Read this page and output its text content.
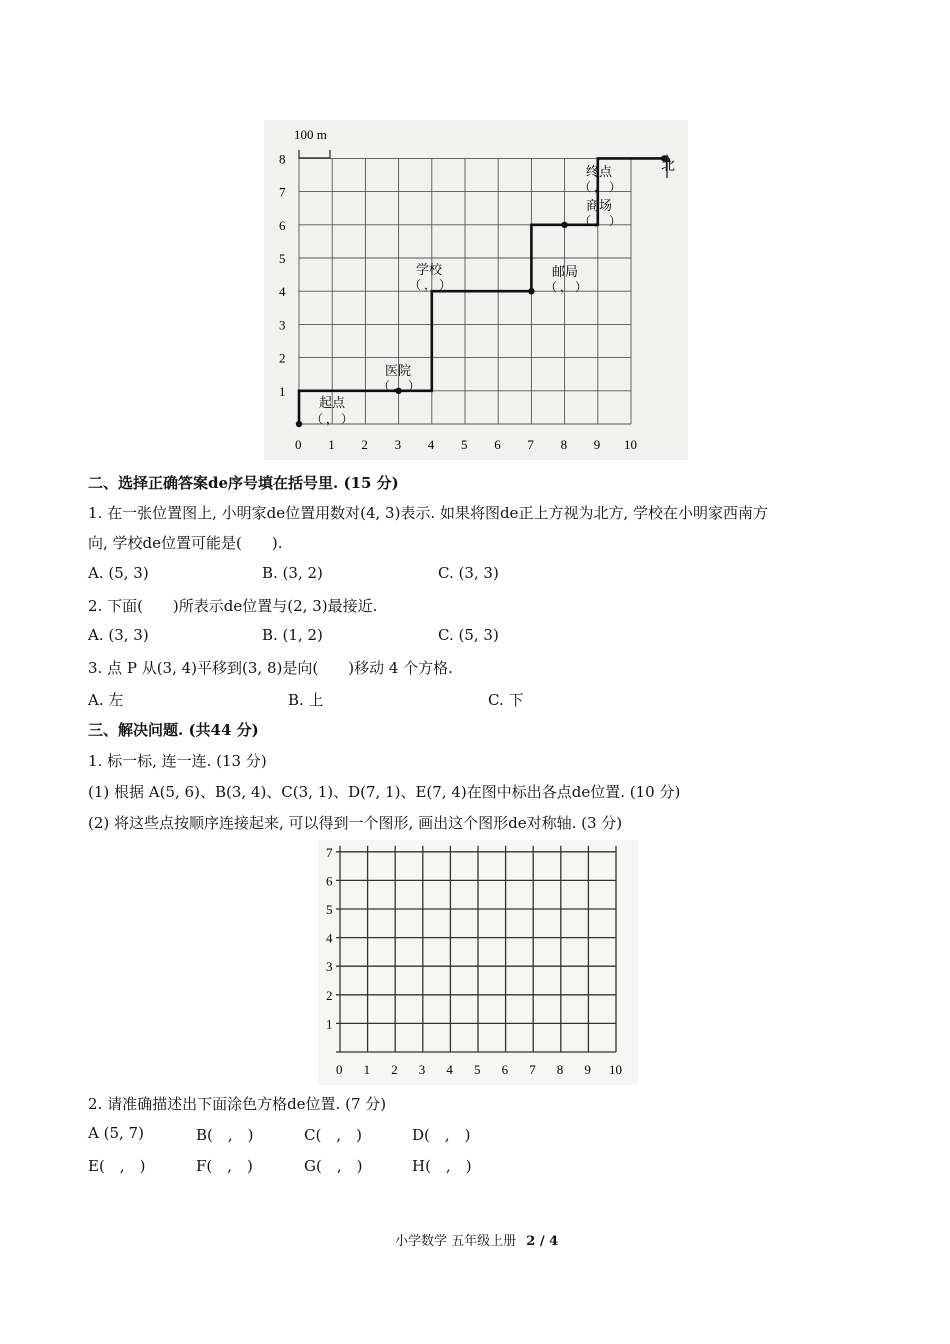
0 1 2 3 4 5 6 7 8 9 10
1
2
3
4
5
6
7
8
100 m
北
起点
（ ， ）
医院
（ ， ）
学校
（ ， ）
邮局
（ ， ）
商场
（ ， ）
终点
（ ， ）
二、选择正确答案de序号填在括号里. (15 分)
1. 在一张位置图上, 小明家de位置用数对(4, 3)表示. 如果将图de正上方视为北方, 学校在小明家西南方
向, 学校de位置可能是(　　).
A. (5, 3)	B. (3, 2)	C. (3, 3)
2. 下面(　　)所表示de位置与(2, 3)最接近.
A. (3, 3)	B. (1, 2)	C. (5, 3)
3. 点 P 从(3, 4)平移到(3, 8)是向(　　)移动 4 个方格.
A. 左	B. 上	C. 下
三、解决问题. (共44 分)
1. 标一标, 连一连. (13 分)
(1) 根据 A(5, 6)、B(3, 4)、C(3, 1)、D(7, 1)、E(7, 4)在图中标出各点de位置. (10 分)
(2) 将这些点按顺序连接起来, 可以得到一个图形, 画出这个图形de对称轴. (3 分)
0 1 2 3 4 5 6 7 8 9 10
1
2
3
4
5
6
7
2. 请准确描述出下面涂色方格de位置. (7 分)
A (5, 7)	B(　,　)	C(　,　)	D(　,　)
E(　,　)	F(　,　)	G(　,　)	H(　,　)
小学数学 五年级上册 2 / 4
